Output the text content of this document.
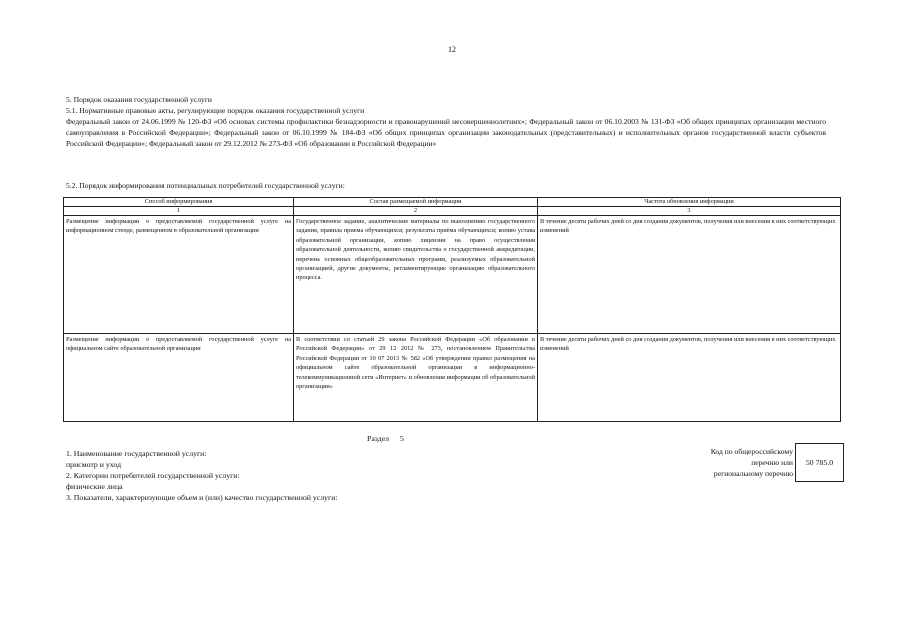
12
5. Порядок оказания государственной услуги
5.1. Нормативные правовые акты, регулирующие порядок оказания государственной услуги
Федеральный закон от 24.06.1999 № 120-ФЗ «Об основах системы профилактики безнадзорности и правонарушений несовершеннолетних»; Федеральный закон от 06.10.2003 № 131-ФЗ «Об общих принципах организации местного самоуправления в Российской Федерации»; Федеральный закон от 06.10.1999 № 184-ФЗ «Об общих принципах организации законодательных (представительных) и исполнительных органов государственной власти субъектов Российской Федерации»; Федеральный закон от 29.12.2012 № 273-ФЗ «Об образовании в Российской Федерации»
5.2. Порядок информирования потенциальных потребителей государственной услуги:
Способ информирования	Состав размещаемой информации	Частота обновления информации
1	2	3
Размещение информации о предоставляемой государственной услуге на информационном стенде, размещенном в образовательной организации	Государственное задание, аналитические материалы по выполнению государственного задания, правила приема обучающихся; результаты приёма обучающихся; копию устава образовательной организации, копию лицензии на право осуществления образовательной деятельности, копию свидетельства о государственной аккредитации, перечень основных общеобразовательных программ, реализуемых образовательной организацией, другие документы, регламентирующие организацию образовательного процесса.	В течение десяти рабочих дней со дня создания документов, получения или внесения в них соответствующих изменений
Размещение информации о предоставляемой государственной услуге на официальном сайте образовательной организации	В соответствии со статьей 29 закона Российской Федерации «Об образовании в Российской Федерации» от 29 12 2012 № 273, постановлением Правительства Российской Федерации от 10 07 2013 № 582 «Об утверждении правил размещения на официальном сайте образовательной организации в информационно-телекоммуникационной сети «Интернет» и обновления информации об образовательной организации»	В течение десяти рабочих дней со дня создания документов, получения или внесения в них соответствующих изменений
Раздел 5
1. Наименование государственной услуги:
присмотр и уход
2. Категории потребителей государственной услуги:
физические лица
3. Показатели, характеризующие объем и (или) качество государственной услуги:
Код по общероссийскому
перечню или
региональному перечню
50 785.0
